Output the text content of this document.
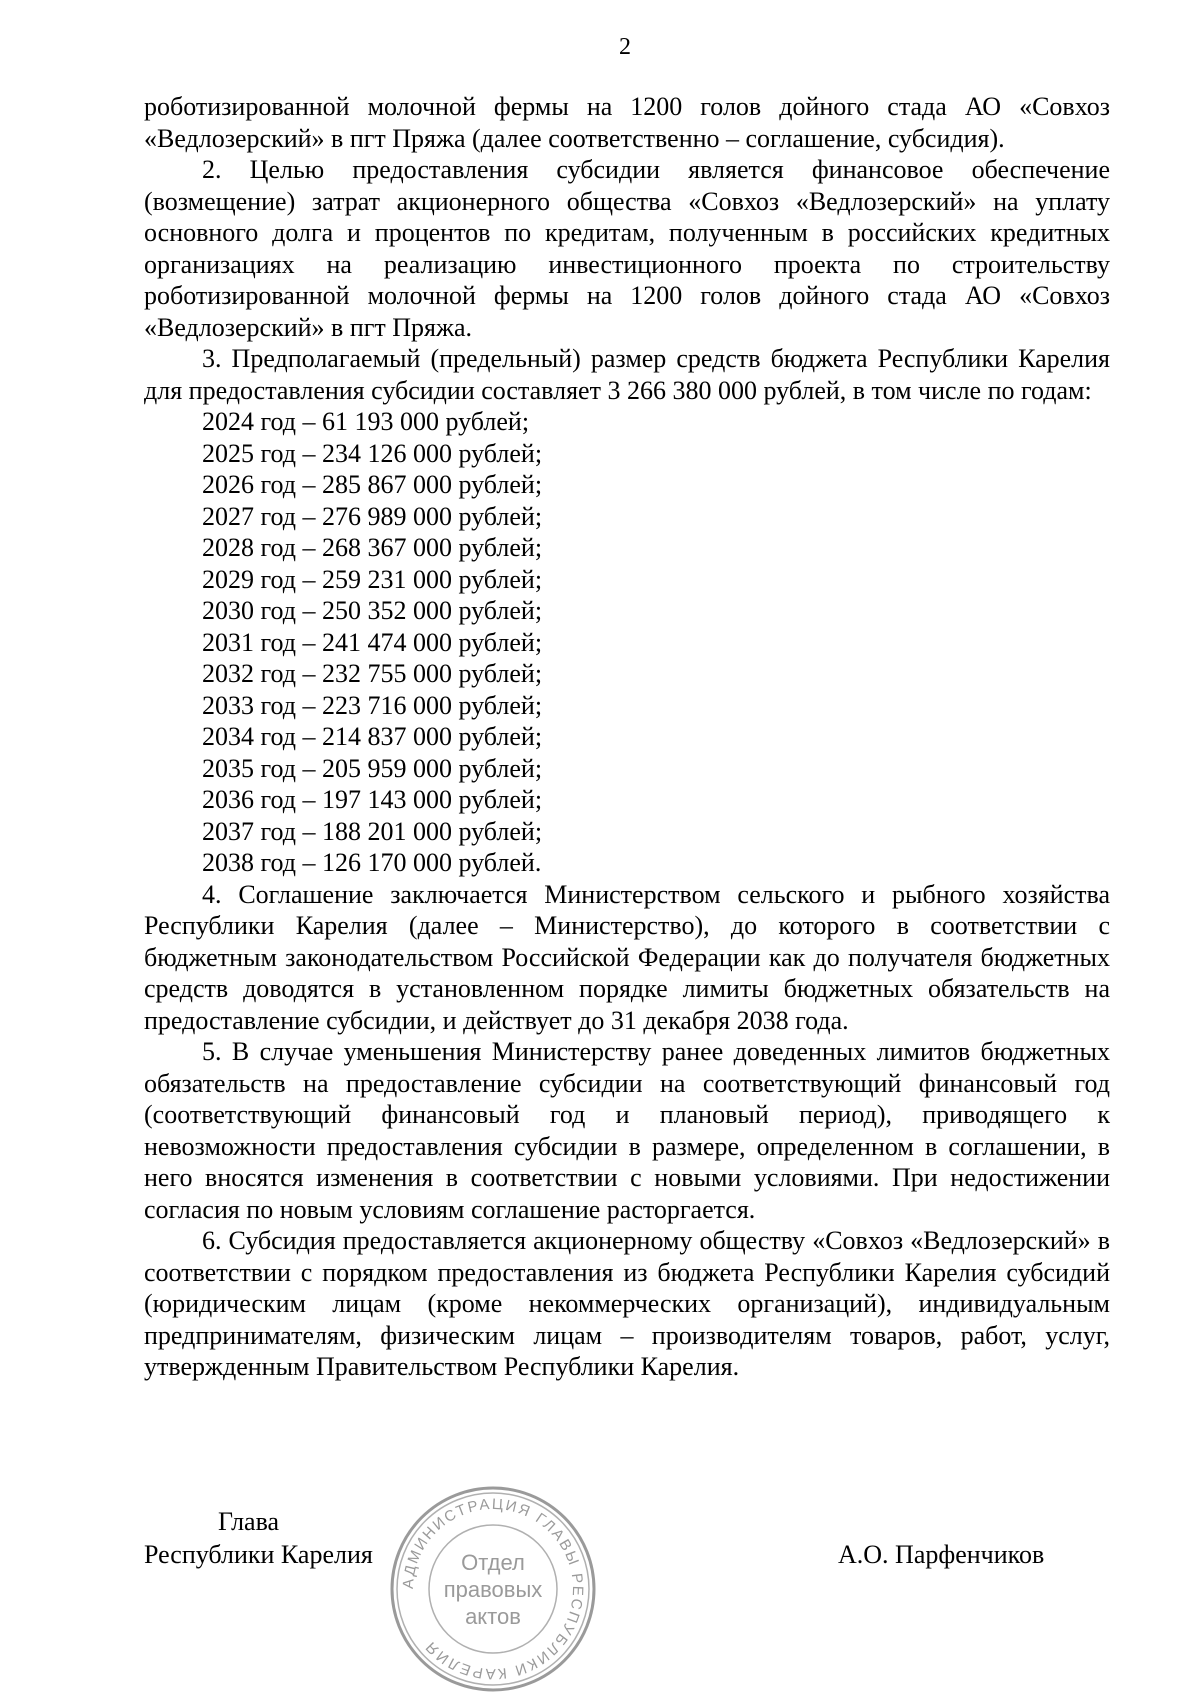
2

роботизированной молочной фермы на 1200 голов дойного стада АО «Совхоз «Ведлозерский» в пгт Пряжа (далее соответственно – соглашение, субсидия).

2. Целью предоставления субсидии является финансовое обеспечение (возмещение) затрат акционерного общества «Совхоз «Ведлозерский» на уплату основного долга и процентов по кредитам, полученным в российских кредитных организациях на реализацию инвестиционного проекта по строительству роботизированной молочной фермы на 1200 голов дойного стада АО «Совхоз «Ведлозерский» в пгт Пряжа.

3. Предполагаемый (предельный) размер средств бюджета Республики Карелия для предоставления субсидии составляет 3 266 380 000 рублей, в том числе по годам:

2024 год – 61 193 000 рублей;
2025 год – 234 126 000 рублей;
2026 год – 285 867 000 рублей;
2027 год – 276 989 000 рублей;
2028 год – 268 367 000 рублей;
2029 год – 259 231 000 рублей;
2030 год – 250 352 000 рублей;
2031 год – 241 474 000 рублей;
2032 год – 232 755 000 рублей;
2033 год – 223 716 000 рублей;
2034 год – 214 837 000 рублей;
2035 год – 205 959 000 рублей;
2036 год – 197 143 000 рублей;
2037 год – 188 201 000 рублей;
2038 год – 126 170 000 рублей.

4. Соглашение заключается Министерством сельского и рыбного хозяйства Республики Карелия (далее – Министерство), до которого в соответствии с бюджетным законодательством Российской Федерации как до получателя бюджетных средств доводятся в установленном порядке лимиты бюджетных обязательств на предоставление субсидии, и действует до 31 декабря 2038 года.

5. В случае уменьшения Министерству ранее доведенных лимитов бюджетных обязательств на предоставление субсидии на соответствующий финансовый год (соответствующий финансовый год и плановый период), приводящего к невозможности предоставления субсидии в размере, определенном в соглашении, в него вносятся изменения в соответствии с новыми условиями. При недостижении согласия по новым условиям соглашение расторгается.

6. Субсидия предоставляется акционерному обществу «Совхоз «Ведлозерский» в соответствии с порядком предоставления из бюджета Республики Карелия субсидий (юридическим лицам (кроме некоммерческих организаций), индивидуальным предпринимателям, физическим лицам – производителям товаров, работ, услуг, утвержденным Правительством Республики Карелия.

Глава
Республики Карелия	А.О. Парфенчиков
АДМИНИСТРАЦИЯ ГЛАВЫ РЕСПУБЛИКИ КАРЕЛИЯ
Отдел
правовых
актов
